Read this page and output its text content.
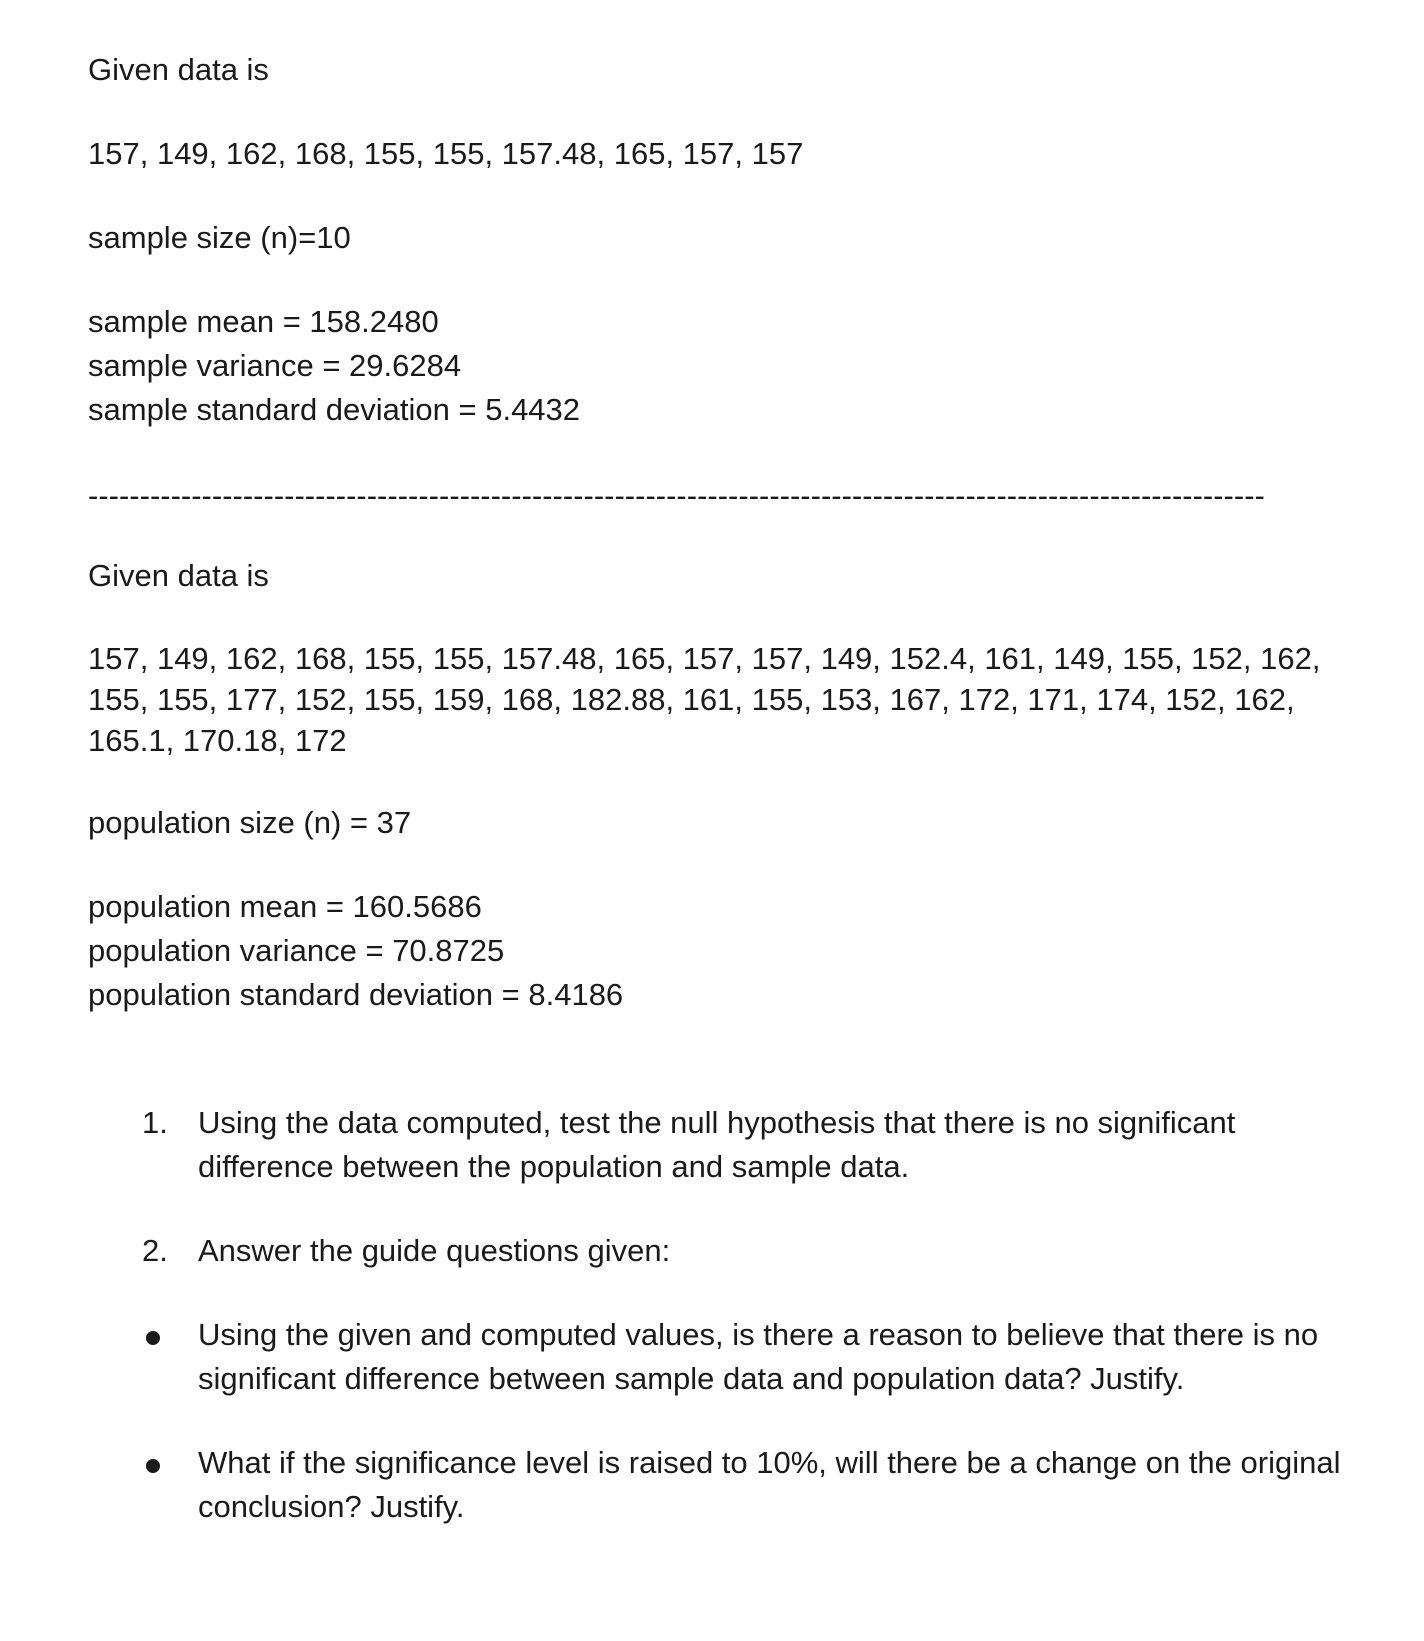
Given data is

157, 149, 162, 168, 155, 155, 157.48, 165, 157, 157

sample size (n)=10

sample mean = 158.2480

sample variance = 29.6284

sample standard deviation = 5.4432

------------------------------------------------------------------------------------------------------------------

Given data is

157, 149, 162, 168, 155, 155, 157.48, 165, 157, 157, 149, 152.4, 161, 149, 155, 152, 162, 155, 155, 177, 152, 155, 159, 168, 182.88, 161, 155, 153, 167, 172, 171, 174, 152, 162, 165.1, 170.18, 172

population size (n) = 37

population mean = 160.5686

population variance = 70.8725

population standard deviation = 8.4186

1. Using the data computed, test the null hypothesis that there is no significant difference between the population and sample data.
2. Answer the guide questions given:
Using the given and computed values, is there a reason to believe that there is no significant difference between sample data and population data? Justify.
What if the significance level is raised to 10%, will there be a change on the original conclusion? Justify.
